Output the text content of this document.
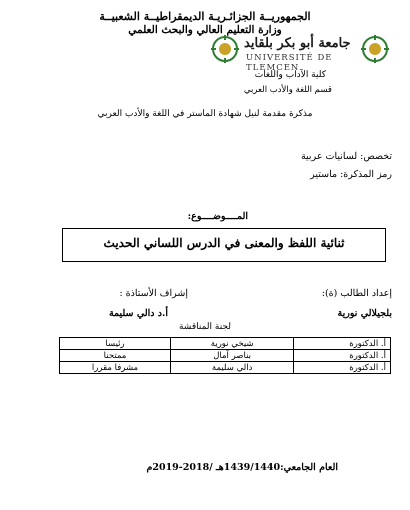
الجمهوريــة الجزائـريـة الديمقراطيــة الشعبيــة
وزارة التعليم العالي والبحث العلمي
جامعة أبو بكر بلقايد
UNIVERSITÉ DE TLEMCEN
كلية الآداب واللغات
قسم اللغة والأدب العربي
مذكرة مقدمة لنيل شهادة الماستر في اللغة والأدب العربي
تخصص: لسانيات عربية
رمز المذكرة: ماستير
المــــوضــــوع:
ثنائية اللفظ والمعنى في الدرس اللساني الحديث
إعداد الطالب (ة):
إشراف الأستاذة :
بلجيلالي نورية
أ.د دالي سليمة
لجنة المناقشة
أ. الدكتورة	شيخي نورية	رئيسا
أ. الدكتورة	بناصر آمال	ممتحنا
أ. الدكتورة	دالي سليمة	مشرفا مقررا
العام الجامعي:1439/1440هـ /2018-2019م
